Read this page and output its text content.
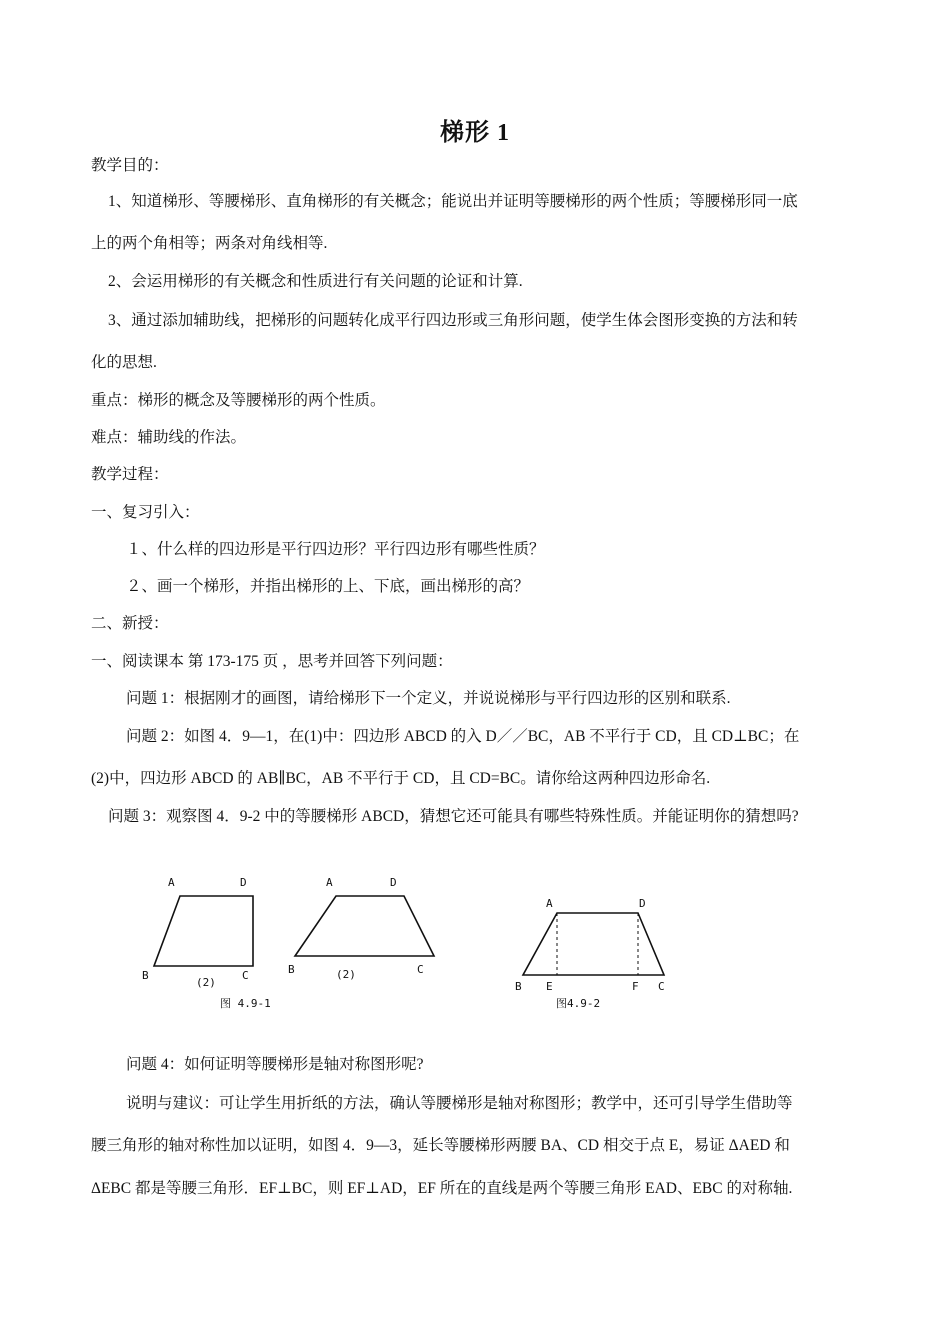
梯形 1
教学目的：
1、知道梯形、等腰梯形、直角梯形的有关概念；能说出并证明等腰梯形的两个性质；等腰梯形同一底
上的两个角相等；两条对角线相等.
2、会运用梯形的有关概念和性质进行有关问题的论证和计算.
3、通过添加辅助线，把梯形的问题转化成平行四边形或三角形问题，使学生体会图形变换的方法和转
化的思想.
重点：梯形的概念及等腰梯形的两个性质。
难点：辅助线的作法。
教学过程：
一、复习引入：
１、什么样的四边形是平行四边形？平行四边形有哪些性质？
２、画一个梯形，并指出梯形的上、下底，画出梯形的高？
二、新授：
一、阅读课本 第 173-175 页 ，思考并回答下列问题：
问题 1：根据刚才的画图，请给梯形下一个定义，并说说梯形与平行四边形的区别和联系.
问题 2：如图 4．9—1，在(1)中：四边形 ABCD 的入 D／／BC，AB 不平行于 CD，且 CD⊥BC；在
(2)中，四边形 ABCD 的 AB∥BC，AB 不平行于 CD，且 CD=BC。请你给这两种四边形命名.
问题 3：观察图 4．9-2 中的等腰梯形 ABCD，猜想它还可能具有哪些特殊性质。并能证明你的猜想吗?
A	D
B	C
(2)
A	D
B	C
(2)
图 4.9-1
A	D
B E	F C
图4.9-2
问题 4：如何证明等腰梯形是轴对称图形呢?
说明与建议：可让学生用折纸的方法，确认等腰梯形是轴对称图形；教学中，还可引导学生借助等
腰三角形的轴对称性加以证明，如图 4．9—3，延长等腰梯形两腰 BA、CD 相交于点 E，易证 ΔAED 和
ΔEBC 都是等腰三角形．EF⊥BC，则 EF⊥AD，EF 所在的直线是两个等腰三角形 EAD、EBC 的对称轴.
